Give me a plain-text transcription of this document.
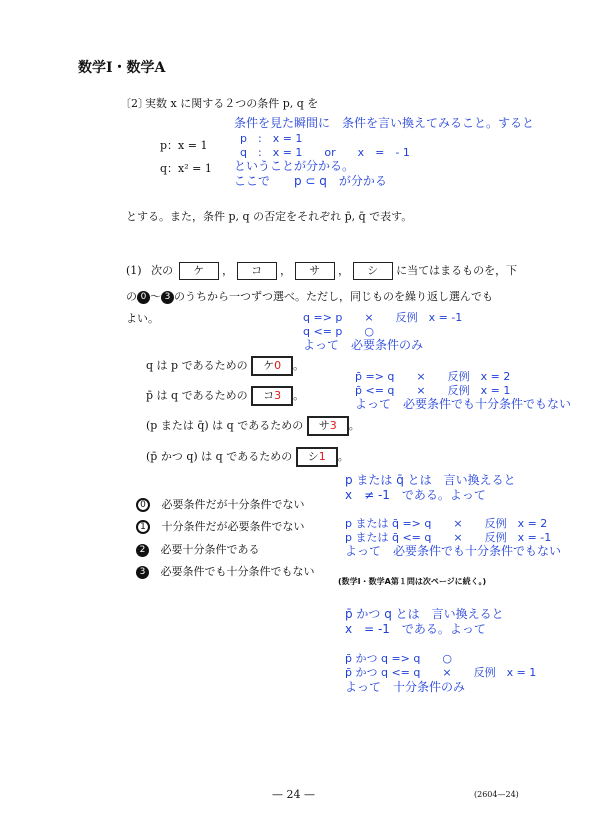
数学Ⅰ・数学A
〔2〕
実数 x に関する２つの条件 p, q を
条件を見た瞬間に　条件を言い換えてみること。すると
p　:　x = 1
q　:　x = 1　　or　　x　=　- 1
ということが分かる。
ここで　　p ⊂ q　が分かる
p：x = 1
q：x² = 1
とする。また，条件 p, q の否定をそれぞれ p̄, q̄ で表す。
(1) 次の ケ ， コ ， サ ， シ に当てはまるものを，下
の 0 ～ 3 のうちから一つずつ選べ。ただし，同じものを繰り返し選んでも
よい。	q => p　　×　　反例　x = -1
q <= p　　○
よって　必要条件のみ
q は p であるための ケ0 。
p̄ => q　　×　　反例　x = 2
p̄ <= q　　×　　反例　x = 1
よって　必要条件でも十分条件でもない
p̄ は q であるための コ3 。
(p または q̄) は q であるための サ3 。
(p̄ かつ q) は q であるための シ1 。
0 必要条件だが十分条件でない
1 十分条件だが必要条件でない
2 必要十分条件である
3 必要条件でも十分条件でもない
p または q̄ とは　言い換えると
x　≠ -1　である。よって
p または q̄ => q　　×　　反例　x = 2
p または q̄ <= q　　×　　反例　x = -1
よって　必要条件でも十分条件でもない
(数学Ⅰ・数学A第１問は次ページに続く。)
p̄ かつ q とは　言い換えると
x　= -1　である。よって
p̄ かつ q => q　　○
p̄ かつ q <= q　　×　　反例　x = 1
よって　十分条件のみ
— 24 —	(2604—24)
